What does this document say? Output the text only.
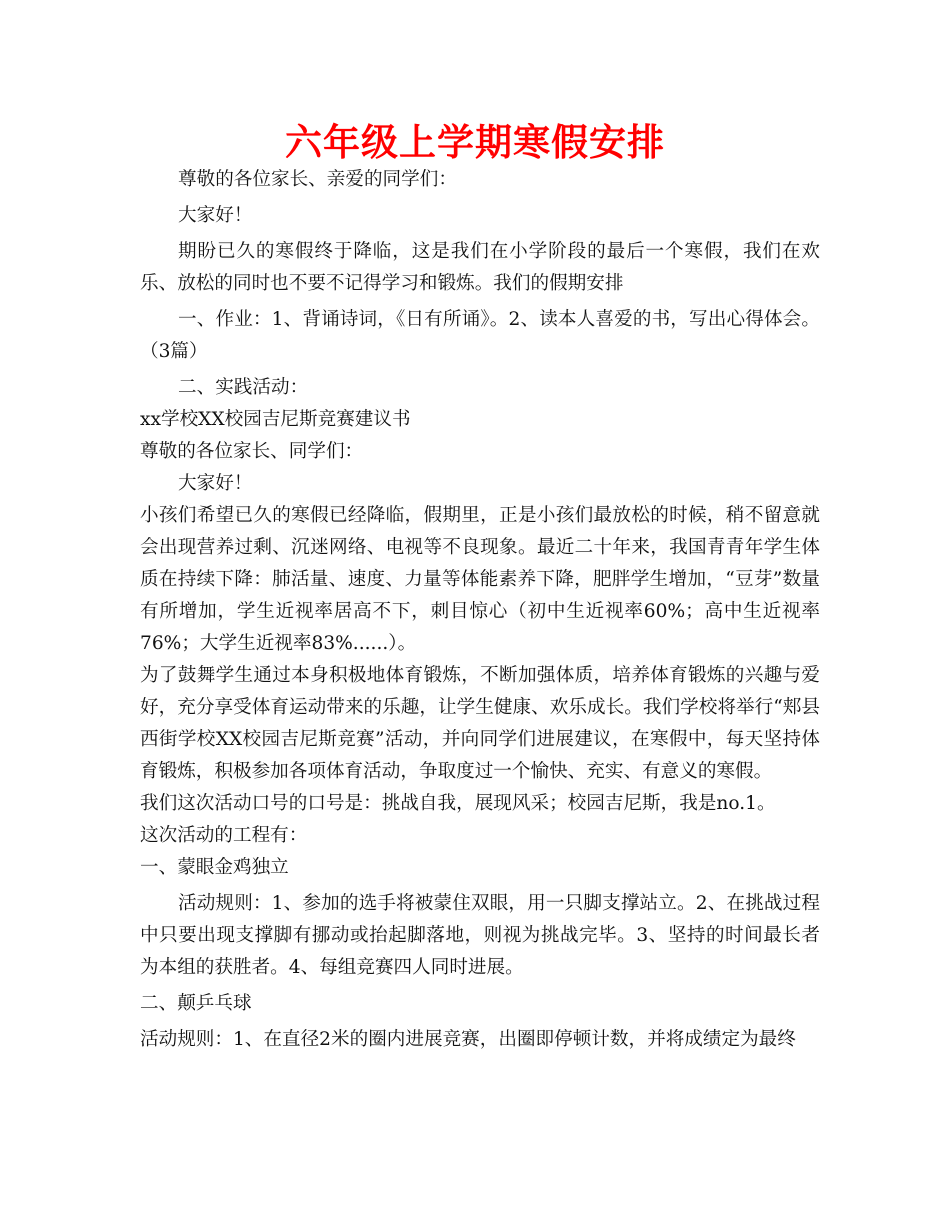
六年级上学期寒假安排

尊敬的各位家长、亲爱的同学们：

大家好！

期盼已久的寒假终于降临，这是我们在小学阶段的最后一个寒假，我们在欢乐、放松的同时也不要不记得学习和锻炼。我们的假期安排

一、作业：1、背诵诗词，《日有所诵》。2、读本人喜爱的书，写出心得体会。（3篇）

二、实践活动：

xx学校XX校园吉尼斯竞赛建议书

尊敬的各位家长、同学们：

大家好！

小孩们希望已久的寒假已经降临，假期里，正是小孩们最放松的时候，稍不留意就会出现营养过剩、沉迷网络、电视等不良现象。最近二十年来，我国青青年学生体质在持续下降：肺活量、速度、力量等体能素养下降，肥胖学生增加，“豆芽”数量有所增加，学生近视率居高不下，刺目惊心（初中生近视率60%；高中生近视率76%；大学生近视率83%......）。

为了鼓舞学生通过本身积极地体育锻炼，不断加强体质，培养体育锻炼的兴趣与爱好，充分享受体育运动带来的乐趣，让学生健康、欢乐成长。我们学校将举行“郏县西街学校XX校园吉尼斯竞赛”活动，并向同学们进展建议，在寒假中，每天坚持体育锻炼，积极参加各项体育活动，争取度过一个愉快、充实、有意义的寒假。

我们这次活动口号的口号是：挑战自我，展现风采；校园吉尼斯，我是no.1。

这次活动的工程有：

一、蒙眼金鸡独立

活动规则：1、参加的选手将被蒙住双眼，用一只脚支撑站立。2、在挑战过程中只要出现支撑脚有挪动或抬起脚落地，则视为挑战完毕。3、坚持的时间最长者为本组的获胜者。4、每组竞赛四人同时进展。

二、颠乒乓球

活动规则：1、在直径2米的圈内进展竞赛，出圈即停顿计数，并将成绩定为最终
